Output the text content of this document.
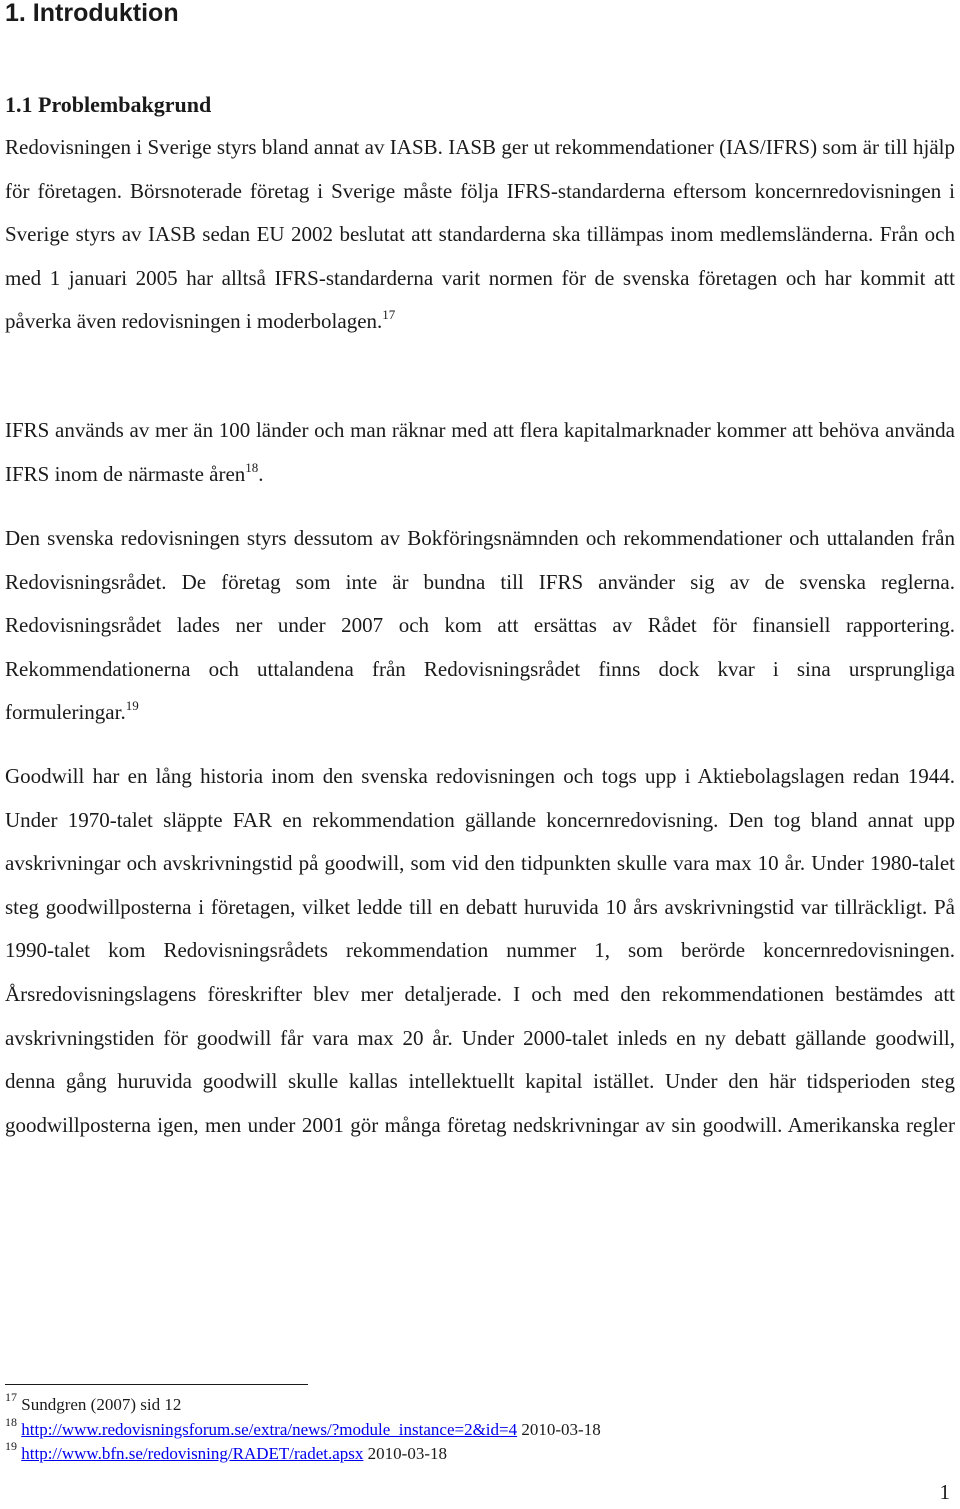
1. Introduktion
1.1 Problembakgrund

Redovisningen i Sverige styrs bland annat av IASB. IASB ger ut rekommendationer (IAS/IFRS) som är till hjälp för företagen. Börsnoterade företag i Sverige måste följa IFRS-standarderna eftersom koncernredovisningen i Sverige styrs av IASB sedan EU 2002 beslutat att standarderna ska tillämpas inom medlemsländerna. Från och med 1 januari 2005 har alltså IFRS-standarderna varit normen för de svenska företagen och har kommit att påverka även redovisningen i moderbolagen.$^{17}$

IFRS används av mer än 100 länder och man räknar med att flera kapitalmarknader kommer att behöva använda IFRS inom de närmaste åren$^{18}$.

Den svenska redovisningen styrs dessutom av Bokföringsnämnden och rekommendationer och uttalanden från Redovisningsrådet. De företag som inte är bundna till IFRS använder sig av de svenska reglerna. Redovisningsrådet lades ner under 2007 och kom att ersättas av Rådet för finansiell rapportering. Rekommendationerna och uttalandena från Redovisningsrådet finns dock kvar i sina ursprungliga formuleringar.$^{19}$

Goodwill har en lång historia inom den svenska redovisningen och togs upp i Aktiebolagslagen redan 1944. Under 1970-talet släppte FAR en rekommendation gällande koncernredovisning. Den tog bland annat upp avskrivningar och avskrivningstid på goodwill, som vid den tidpunkten skulle vara max 10 år. Under 1980-talet steg goodwillposterna i företagen, vilket ledde till en debatt huruvida 10 års avskrivningstid var tillräckligt. På 1990-talet kom Redovisningsrådets rekommendation nummer 1, som berörde koncernredovisningen. Årsredovisningslagens föreskrifter blev mer detaljerade. I och med den rekommendationen bestämdes att avskrivningstiden för goodwill får vara max 20 år. Under 2000-talet inleds en ny debatt gällande goodwill, denna gång huruvida goodwill skulle kallas intellektuellt kapital istället. Under den här tidsperioden steg goodwillposterna igen, men under 2001 gör många företag nedskrivningar av sin goodwill. Amerikanska regler

$^{17}$ Sundgren (2007) sid 12

$^{18}$ http://www.redovisningsforum.se/extra/news/?module_instance=2&id=4 2010-03-18

$^{19}$ http://www.bfn.se/redovisning/RADET/radet.apsx 2010-03-18

1
